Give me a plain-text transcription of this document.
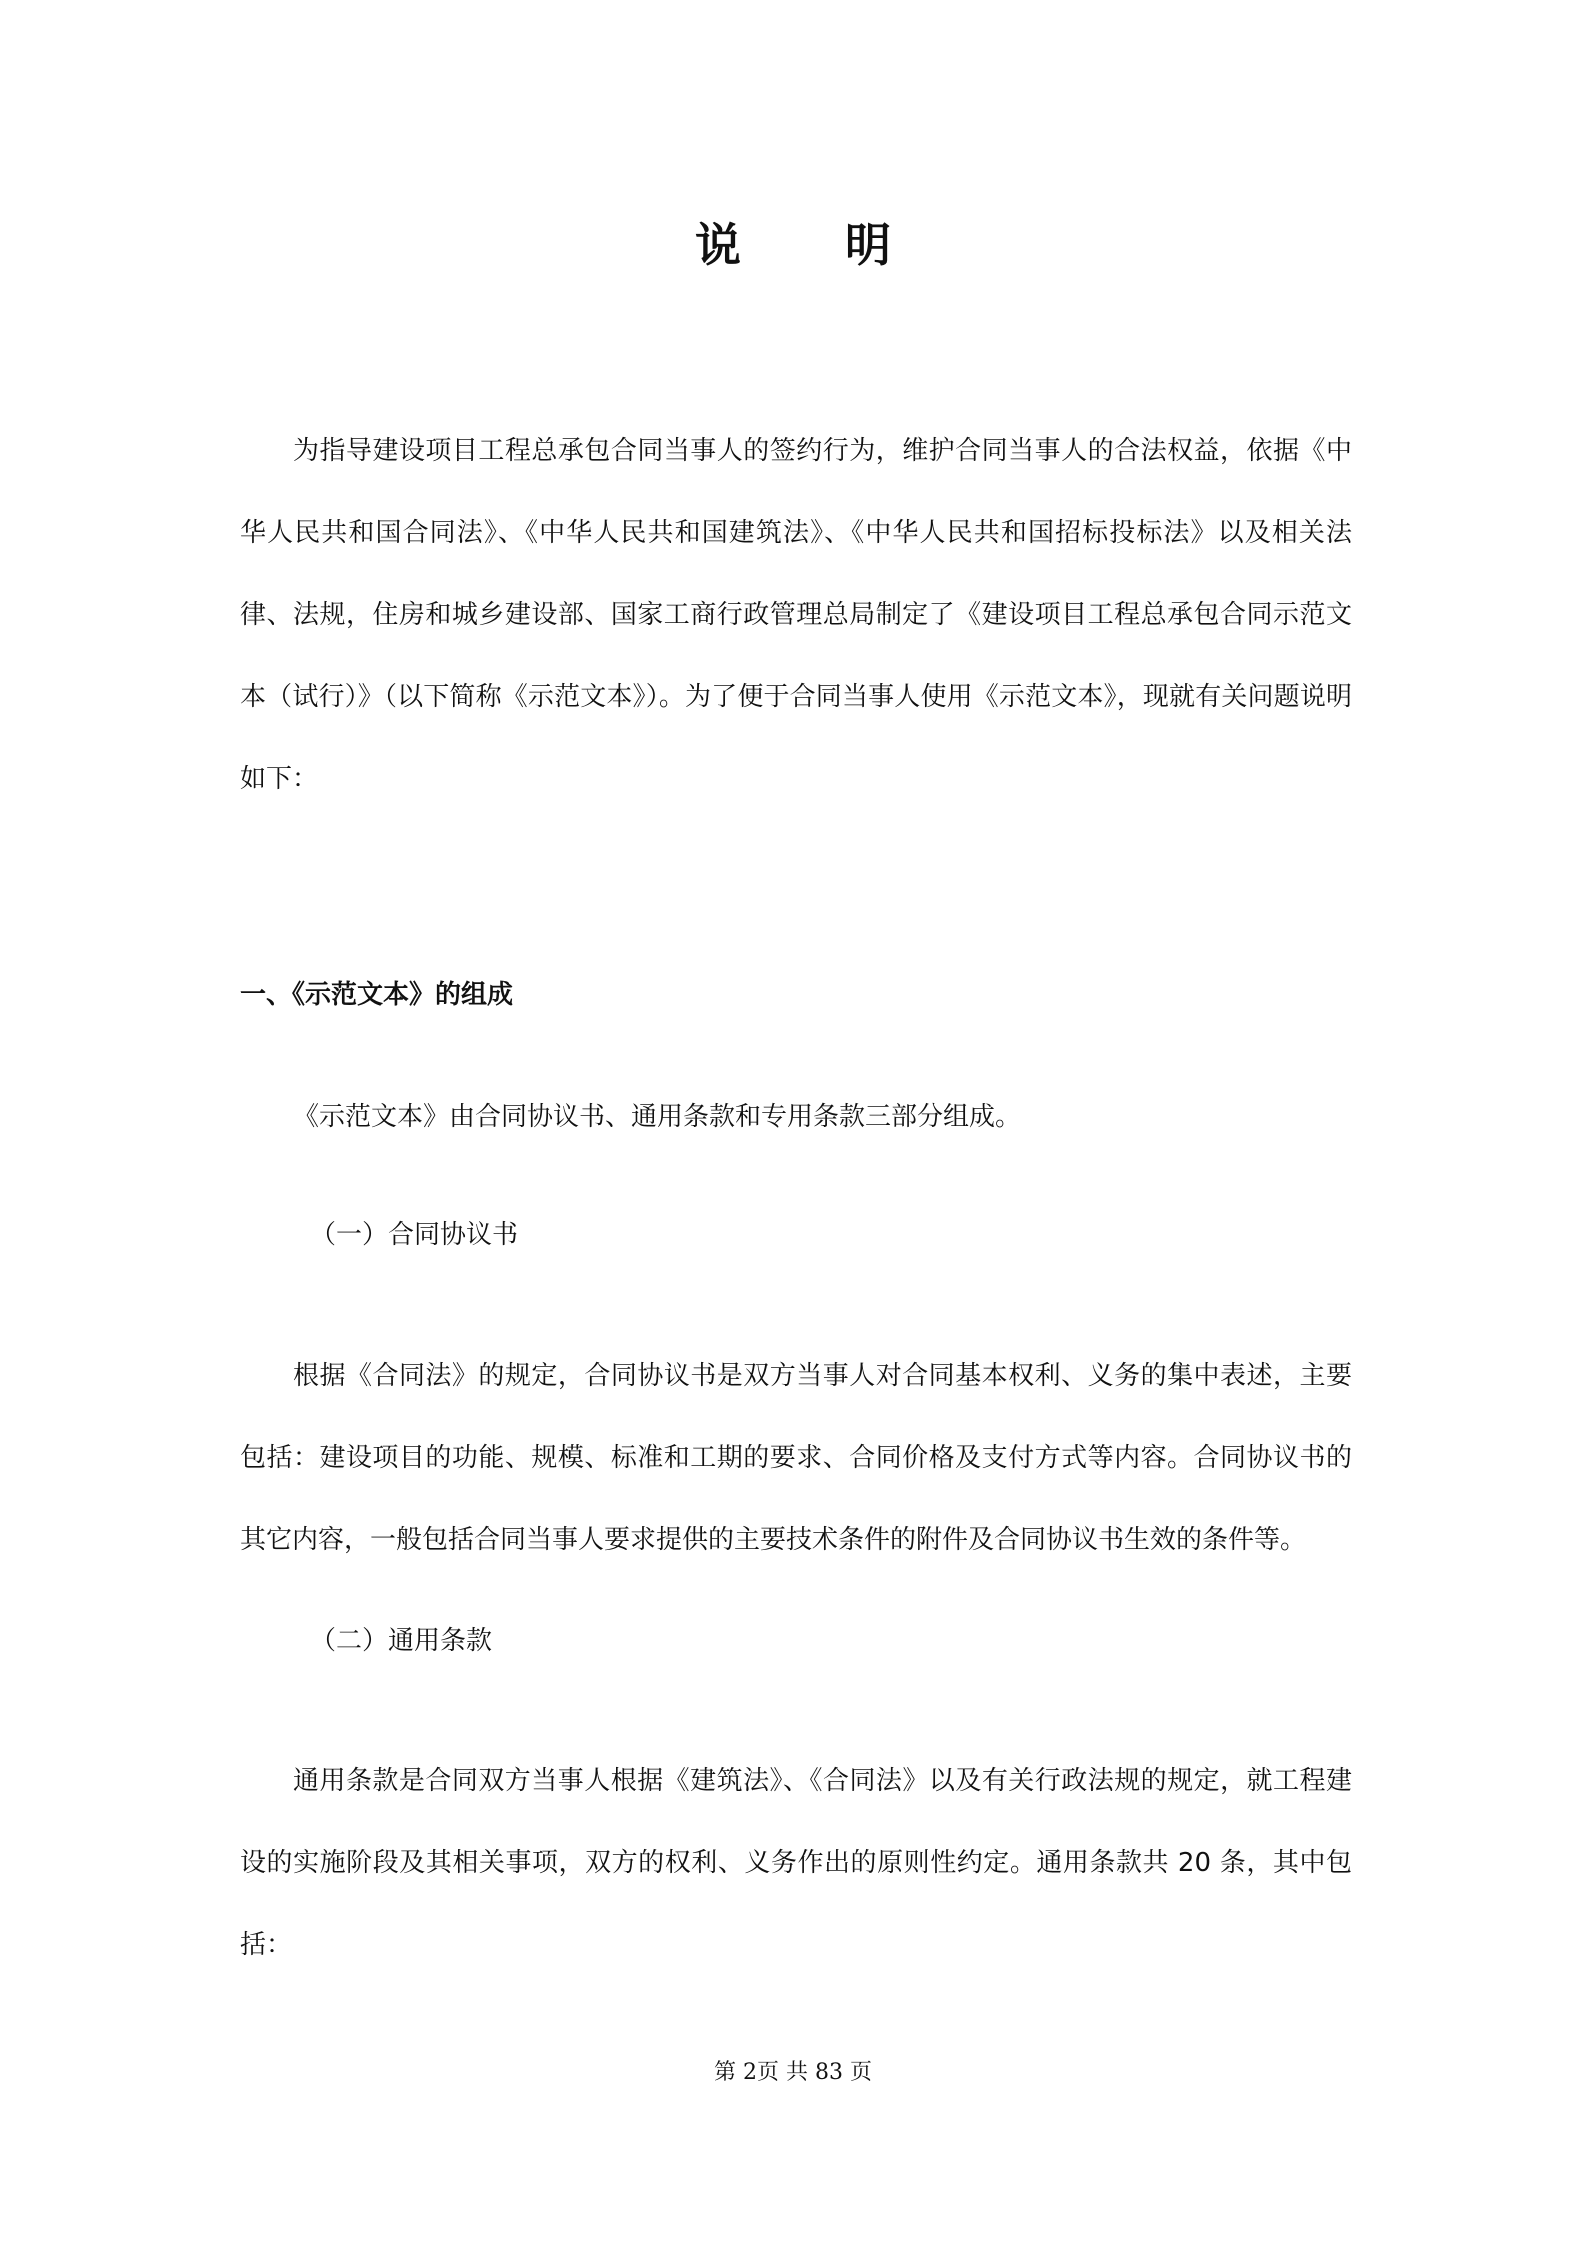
说 明

为指导建设项目工程总承包合同当事人的签约行为，维护合同当事人的合法权益，依据《中华人民共和国合同法》、《中华人民共和国建筑法》、《中华人民共和国招标投标法》以及相关法律、法规，住房和城乡建设部、国家工商行政管理总局制定了《建设项目工程总承包合同示范文本（试行）》（以下简称《示范文本》）。为了便于合同当事人使用《示范文本》，现就有关问题说明如下：

一、《示范文本》的组成

《示范文本》由合同协议书、通用条款和专用条款三部分组成。

（一）合同协议书

根据《合同法》的规定，合同协议书是双方当事人对合同基本权利、义务的集中表述，主要包括：建设项目的功能、规模、标准和工期的要求、合同价格及支付方式等内容。合同协议书的其它内容，一般包括合同当事人要求提供的主要技术条件的附件及合同协议书生效的条件等。

（二）通用条款

通用条款是合同双方当事人根据《建筑法》、《合同法》以及有关行政法规的规定，就工程建设的实施阶段及其相关事项，双方的权利、义务作出的原则性约定。通用条款共 20 条，其中包括：

第 2页 共 83 页
